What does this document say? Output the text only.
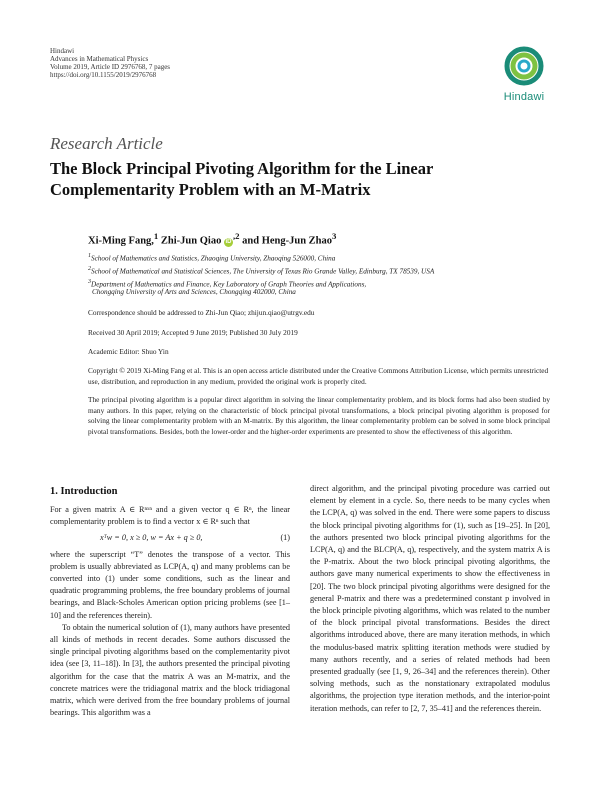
Hindawi
Advances in Mathematical Physics
Volume 2019, Article ID 2976768, 7 pages
https://doi.org/10.1155/2019/2976768
Hindawi
Research Article
The Block Principal Pivoting Algorithm for the Linear
Complementarity Problem with an M-Matrix
Xi-Ming Fang,$^1$ Zhi-Jun Qiao $iD^{,2}$ and Heng-Jun Zhao$^3$
$^1$School of Mathematics and Statistics, Zhaoqing University, Zhaoqing 526000, China
$^2$School of Mathematical and Statistical Sciences, The University of Texas Rio Grande Valley, Edinburg, TX 78539, USA
$^3$Department of Mathematics and Finance, Key Laboratory of Graph Theories and Applications,
Chongqing University of Arts and Sciences, Chongqing 402000, China
Correspondence should be addressed to Zhi-Jun Qiao; zhijun.qiao@utrgv.edu
Received 30 April 2019; Accepted 9 June 2019; Published 30 July 2019
Academic Editor: Shuo Yin
Copyright © 2019 Xi-Ming Fang et al. This is an open access article distributed under the Creative Commons Attribution License, which permits unrestricted use, distribution, and reproduction in any medium, provided the original work is properly cited.
The principal pivoting algorithm is a popular direct algorithm in solving the linear complementarity problem, and its block forms had also been studied by many authors. In this paper, relying on the characteristic of block principal pivotal transformations, a block principal pivoting algorithm is proposed for solving the linear complementarity problem with an M-matrix. By this algorithm, the linear complementarity problem can be solved in some block principal pivotal transformations. Besides, both the lower-order and the higher-order experiments are presented to show the effectiveness of this algorithm.
1. Introduction

For a given matrix A ∈ Rⁿˣⁿ and a given vector q ∈ Rⁿ, the linear complementarity problem is to find a vector x ∈ Rⁿ such that

xᵀw = 0, x ≥ 0, w = Ax + q ≥ 0,	(1)

where the superscript “T” denotes the transpose of a vector. This problem is usually abbreviated as LCP(A, q) and many problems can be converted into (1) under some conditions, such as the linear and quadratic programming problems, the free boundary problems of journal bearings, and Black-Scholes American option pricing problems (see [1–10] and the references therein).

To obtain the numerical solution of (1), many authors have presented all kinds of methods in recent decades. Some authors discussed the single principal pivoting algorithms based on the complementarity pivot idea (see [3, 11–18]). In [3], the authors presented the principal pivoting algorithm for the case that the matrix A was an M-matrix, and the concrete matrices were the tridiagonal matrix and the block tridiagonal matrix, which were derived from the free boundary problems of journal bearings. This algorithm was a

direct algorithm, and the principal pivoting procedure was carried out element by element in a cycle. So, there needs to be many cycles when the LCP(A, q) was solved in the end. There were some papers to discuss the block principal pivoting algorithms for (1), such as [19–25]. In [20], the authors presented two block principal pivoting algorithms for the LCP(A, q) and the BLCP(A, q), respectively, and the system matrix A is the P-matrix. About the two block principal pivoting algorithms, the authors gave many numerical experiments to show the effectiveness in [20]. The two block principal pivoting algorithms were designed for the general P-matrix and there was a predetermined constant p involved in the block principle pivoting algorithms, which was related to the number of the block principal pivotal transformations. Besides the direct algorithms introduced above, there are many iteration methods, in which the modulus-based matrix splitting iteration methods were studied by many authors recently, and a series of related methods had been presented gradually (see [1, 9, 26–34] and the references therein). Other solving methods, such as the nonstationary extrapolated modulus algorithms, the projection type iteration methods, and the interior-point iteration methods, can refer to [2, 7, 35–41] and the references therein.
